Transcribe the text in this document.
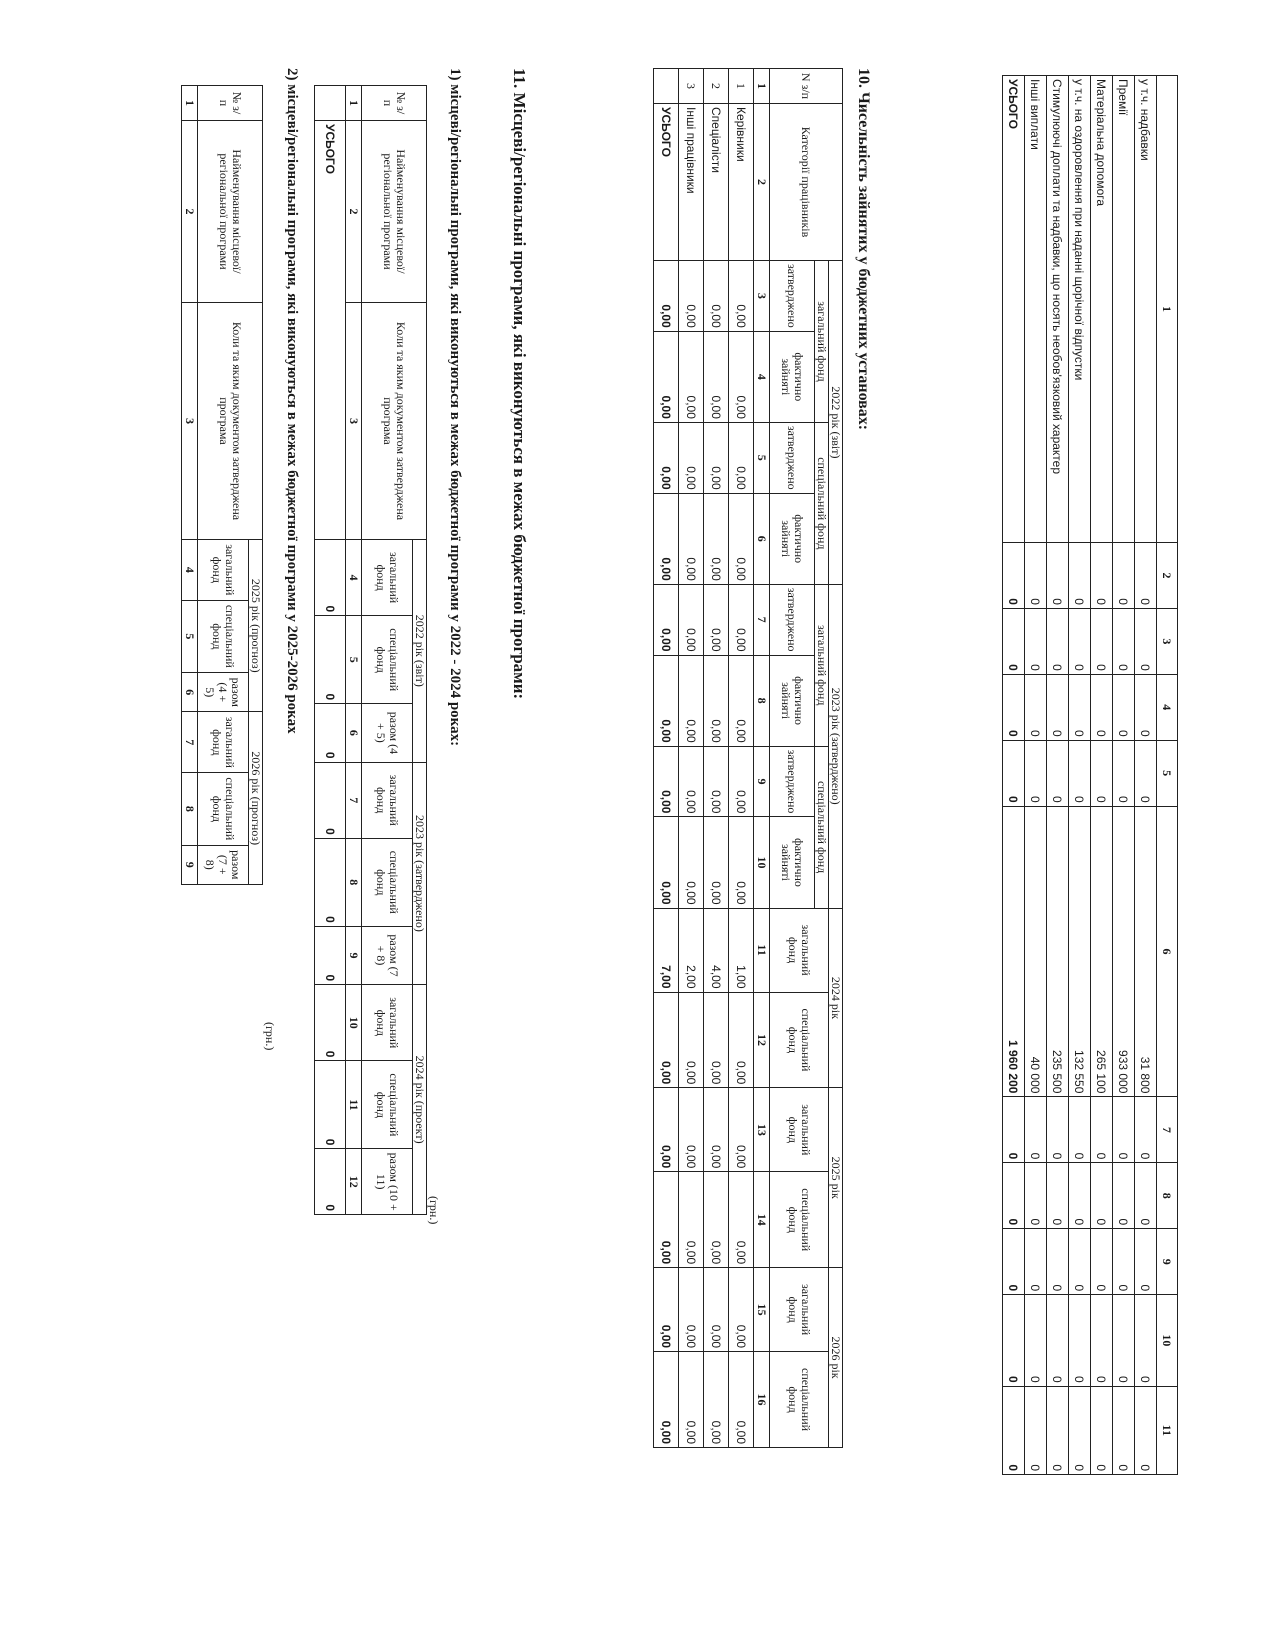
1	2	3	4	5	6	7	8	9	10	11
у т.ч. надбавки	0	0	0	0	31 800	0	0	0	0	0
Премії	0	0	0	0	933 000	0	0	0	0	0
Матеріальна допомога	0	0	0	0	265 100	0	0	0	0	0
у т.ч. на оздоровлення при наданні щорічної відпустки	0	0	0	0	132 550	0	0	0	0	0
Стимулюючі доплати та надбавки, що носять необов'язковий характер	0	0	0	0	235 500	0	0	0	0	0
Інші виплати	0	0	0	0	40 000	0	0	0	0	0
УСЬОГО	0	0	0	0	1 960 200	0	0	0	0	0
10. Чисельність зайнятих у бюджетних установах:
N з/п	Категорії працівників	2022 рік (звіт)				2023 рік (затверджено)				2024 рік		2025 рік		2026 рік	
		загальний фонд		спеціальний фонд		загальний фонд		спеціальний фонд		загальний фонд	спеціальний фонд	загальний фонд	спеціальний фонд	загальний фонд	спеціальний фонд
		затверджено	фактично зайняті	затверджено	фактично зайняті	затверджено	фактично зайняті	затверджено	фактично зайняті						
1	2	3	4	5	6	7	8	9	10	11	12	13	14	15	16
1	Керівники	0,00	0,00	0,00	0,00	0,00	0,00	0,00	0,00	1,00	0,00	0,00	0,00	0,00	0,00
2	Спеціалісти	0,00	0,00	0,00	0,00	0,00	0,00	0,00	0,00	4,00	0,00	0,00	0,00	0,00	0,00
3	Інші працівники	0,00	0,00	0,00	0,00	0,00	0,00	0,00	0,00	2,00	0,00	0,00	0,00	0,00	0,00
	УСЬОГО	0,00	0,00	0,00	0,00	0,00	0,00	0,00	0,00	7,00	0,00	0,00	0,00	0,00	0,00
11. Місцеві/регіональні програми, які виконуються в межах бюджетної програми:
1) місцеві/регіональні програми, які виконуються в межах бюджетної програми у 2022 - 2024 роках:
(грн.)
№ з/п	Найменування місцевої/регіональної програми	Коли та яким документом затверджена програма	2022 рік (звіт)			2023 рік (затверджено)			2024 рік (проект)		
			загальний фонд	спеціальний фонд	разом (4 + 5)	загальний фонд	спеціальний фонд	разом (7 + 8)	загальний фонд	спеціальний фонд	разом (10 + 11)
1	2	3	4	5	6	7	8	9	10	11	12
	УСЬОГО		0	0	0	0	0	0	0	0	0
2) місцеві/регіональні програми, які виконуються в межах бюджетної програми у 2025-2026 роках
(грн.)
№ з/п	Найменування місцевої/регіональної програми	Коли та яким документом затверджена програма	2025 рік (прогноз)			2026 рік (прогноз)		
			загальний фонд	спеціальний фонд	разом (4 + 5)	загальний фонд	спеціальний фонд	разом (7 + 8)
1	2	3	4	5	6	7	8	9
